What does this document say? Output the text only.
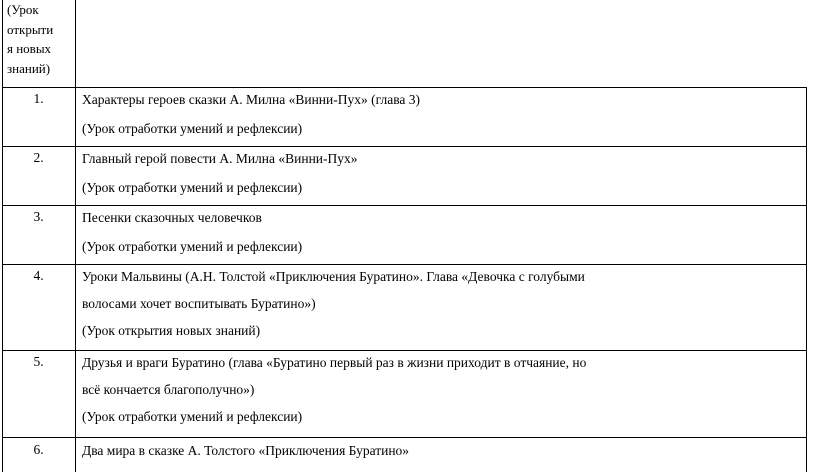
(Урок
открыти
я новых
знаний)
1.	Характеры героев сказки А. Милна «Винни-Пух» (глава 3)
(Урок отработки умений и рефлексии)
2.	Главный герой повести А. Милна «Винни-Пух»
(Урок отработки умений и рефлексии)
3.	Песенки сказочных человечков
(Урок отработки умений и рефлексии)
4.	Уроки Мальвины (А.Н. Толстой «Приключения Буратино». Глава «Девочка с голубыми
волосами хочет воспитывать Буратино»)
(Урок открытия новых знаний)
5.	Друзья и враги Буратино (глава «Буратино первый раз в жизни приходит в отчаяние, но
всё кончается благополучно»)
(Урок отработки умений и рефлексии)
6.	Два мира в сказке А. Толстого «Приключения Буратино»
